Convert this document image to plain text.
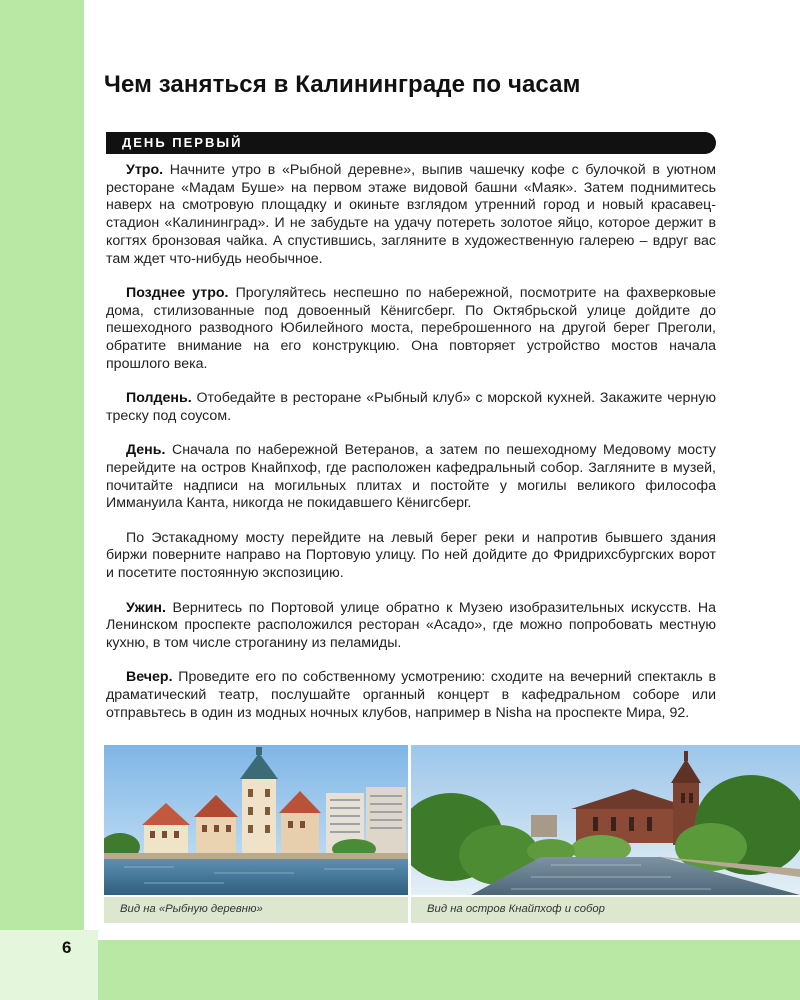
6
Чем заняться в Калининграде по часам
ДЕНЬ ПЕРВЫЙ

Утро. Начните утро в «Рыбной деревне», выпив чашечку кофе с булочкой в уютном ресторане «Мадам Буше» на первом этаже видовой башни «Маяк». Затем поднимитесь наверх на смотровую площадку и окиньте взглядом утренний город и новый красавец-стадион «Калининград». И не забудьте на удачу потереть золотое яйцо, которое держит в когтях бронзовая чайка. А спустившись, загляните в художественную галерею – вдруг вас там ждет что-нибудь необычное.

Позднее утро. Прогуляйтесь неспешно по набережной, посмотрите на фахверковые дома, стилизованные под довоенный Кёнигсберг. По Октябрьской улице дойдите до пешеходного разводного Юбилейного моста, переброшенного на другой берег Преголи, обратите внимание на его конструкцию. Она повторяет устройство мостов начала прошлого века.

Полдень. Отобедайте в ресторане «Рыбный клуб» с морской кухней. Закажите черную треску под соусом.

День. Сначала по набережной Ветеранов, а затем по пешеходному Медовому мосту перейдите на остров Кнайпхоф, где расположен кафедральный собор. Загляните в музей, почитайте надписи на могильных плитах и постойте у могилы великого философа Иммануила Канта, никогда не покидавшего Кёнигсберг.

По Эстакадному мосту перейдите на левый берег реки и напротив бывшего здания биржи поверните направо на Портовую улицу. По ней дойдите до Фридрихсбургских ворот и посетите постоянную экспозицию.

Ужин. Вернитесь по Портовой улице обратно к Музею изобразительных искусств. На Ленинском проспекте расположился ресторан «Асадо», где можно попробовать местную кухню, в том числе строганину из пеламиды.

Вечер. Проведите его по собственному усмотрению: сходите на вечерний спектакль в драматический театр, послушайте органный концерт в кафедральном соборе или отправьтесь в один из модных ночных клубов, например в Nisha на проспекте Мира, 92.

Вид на «Рыбную деревню»	Вид на остров Кнайпхоф и собор
